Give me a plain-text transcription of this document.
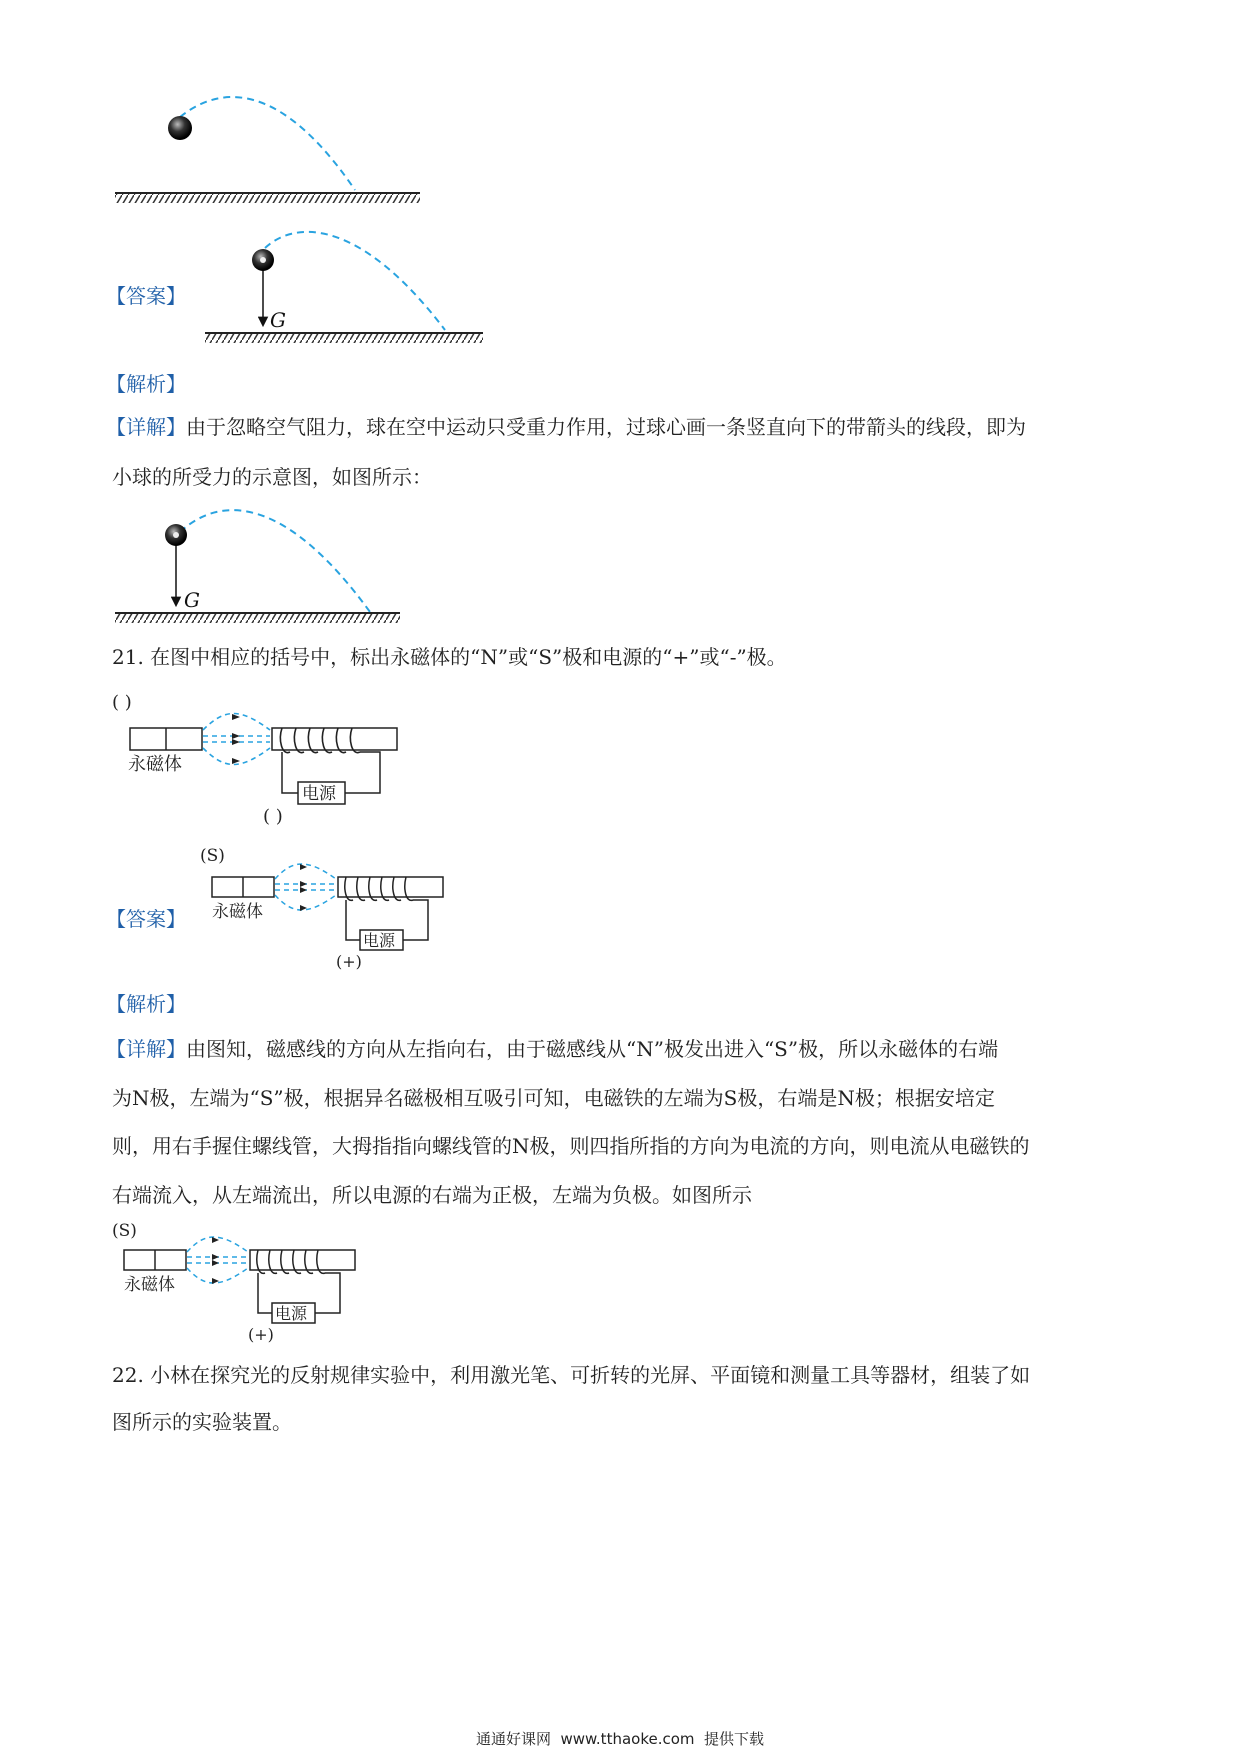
【答案】
G
【解析】
【详解】由于忽略空气阻力，球在空中运动只受重力作用，过球心画一条竖直向下的带箭头的线段，即为
小球的所受力的示意图，如图所示：
G
21. 在图中相应的括号中，标出永磁体的“N”或“S”极和电源的“+”或“-”极。
( )
电源
永磁体
( )
【答案】
(S)
电源
永磁体
(+)
【解析】
【详解】由图知，磁感线的方向从左指向右，由于磁感线从“N”极发出进入“S”极，所以永磁体的右端
为N极，左端为“S”极，根据异名磁极相互吸引可知，电磁铁的左端为S极，右端是N极；根据安培定
则，用右手握住螺线管，大拇指指向螺线管的N极，则四指所指的方向为电流的方向，则电流从电磁铁的
右端流入，从左端流出，所以电源的右端为正极，左端为负极。如图所示
(S)
电源
永磁体
(+)
22. 小林在探究光的反射规律实验中，利用激光笔、可折转的光屏、平面镜和测量工具等器材，组装了如
图所示的实验装置。
通通好课网  www.tthaoke.com  提供下载
